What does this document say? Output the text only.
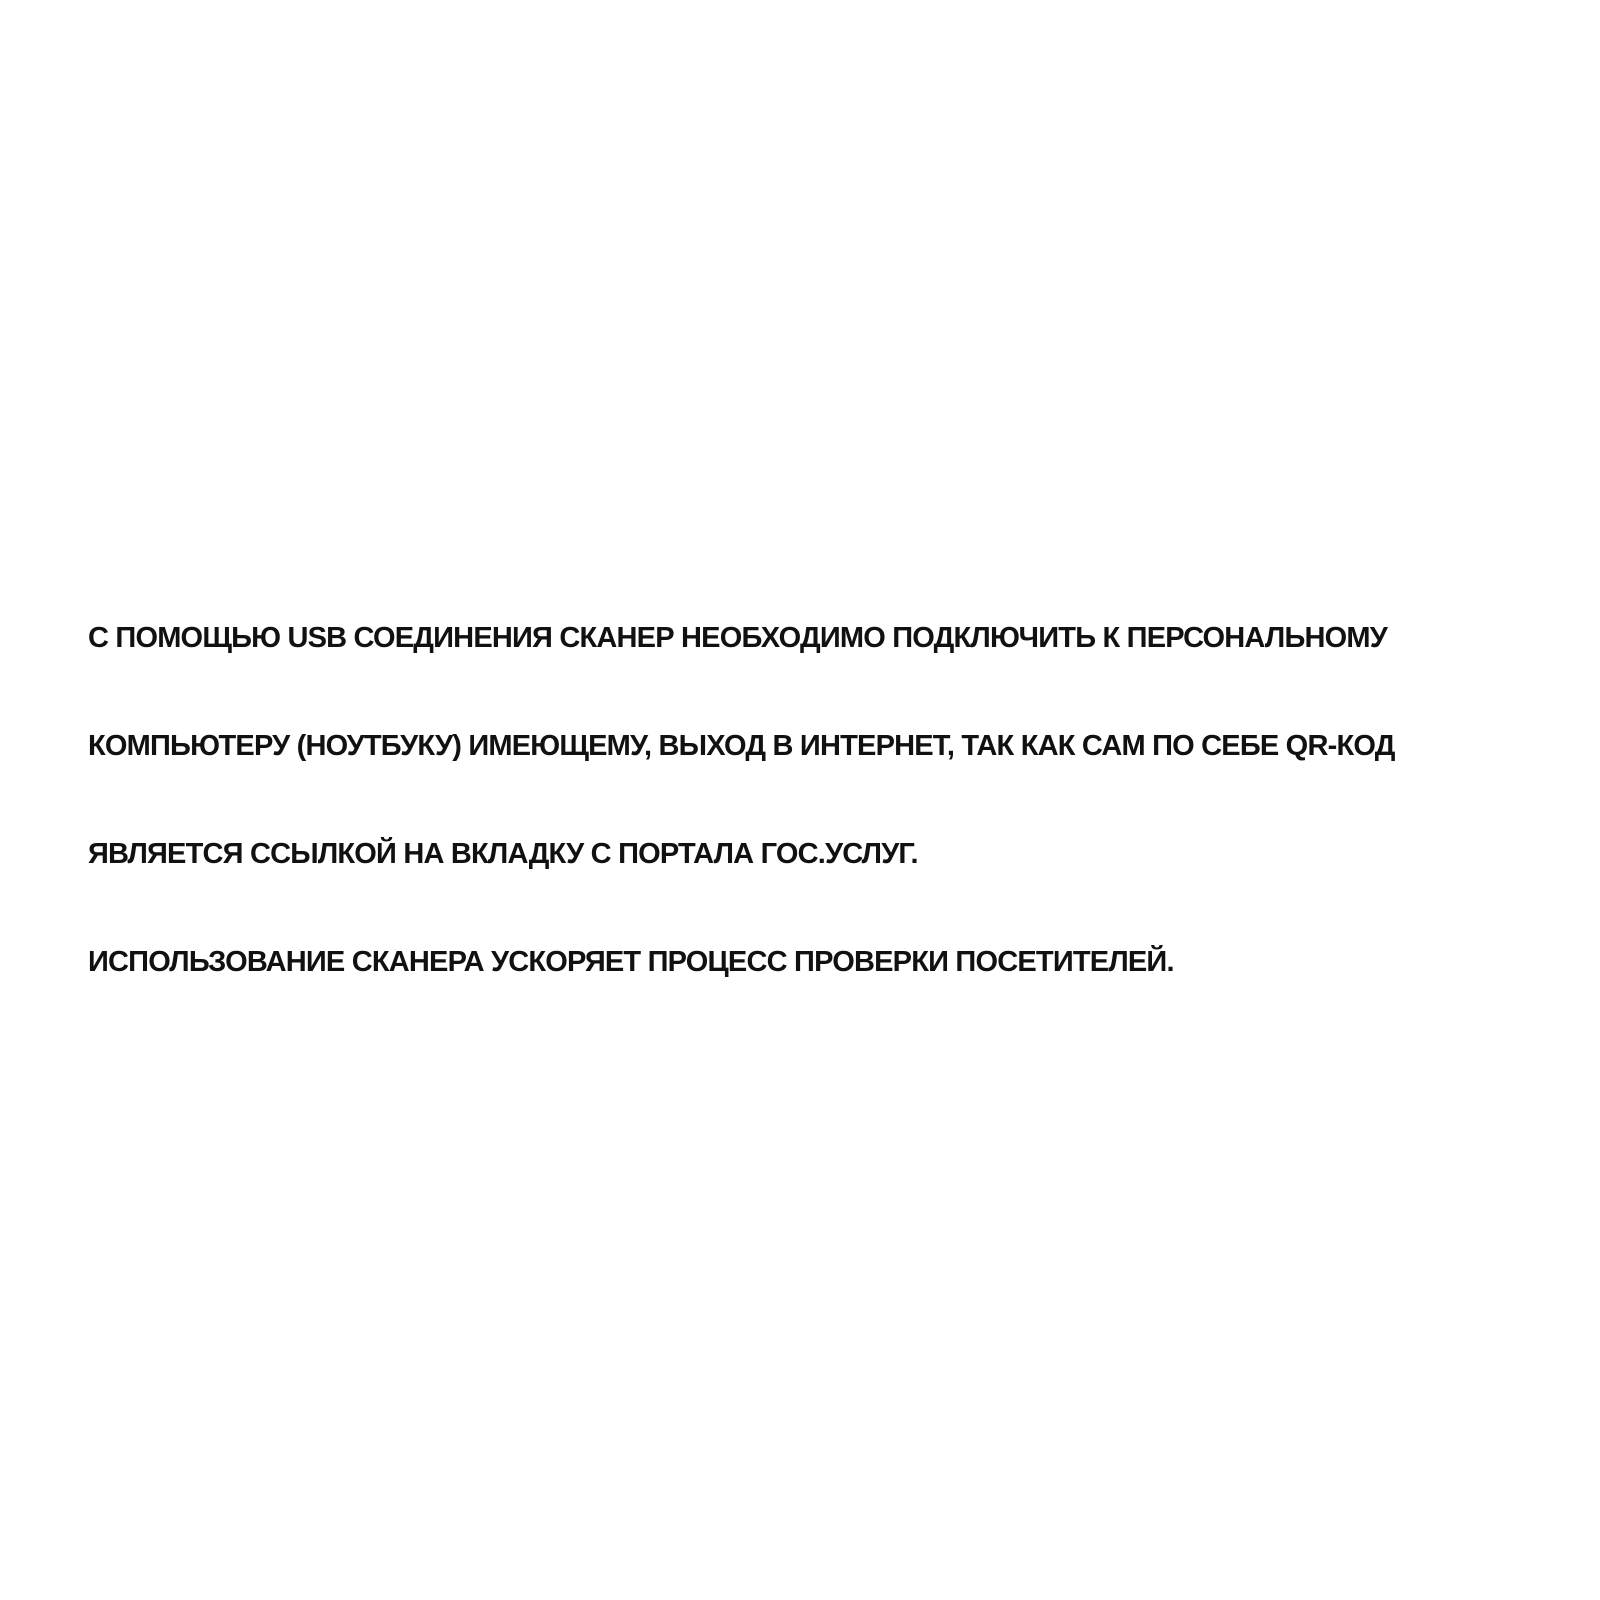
С ПОМОЩЬЮ USB СОЕДИНЕНИЯ СКАНЕР НЕОБХОДИМО ПОДКЛЮЧИТЬ К ПЕРСОНАЛЬНОМУ
КОМПЬЮТЕРУ (НОУТБУКУ) ИМЕЮЩЕМУ, ВЫХОД В ИНТЕРНЕТ, ТАК КАК САМ ПО СЕБЕ QR-КОД
ЯВЛЯЕТСЯ ССЫЛКОЙ НА ВКЛАДКУ С ПОРТАЛА ГОС.УСЛУГ.
ИСПОЛЬЗОВАНИЕ СКАНЕРА УСКОРЯЕТ ПРОЦЕСС ПРОВЕРКИ ПОСЕТИТЕЛЕЙ.
